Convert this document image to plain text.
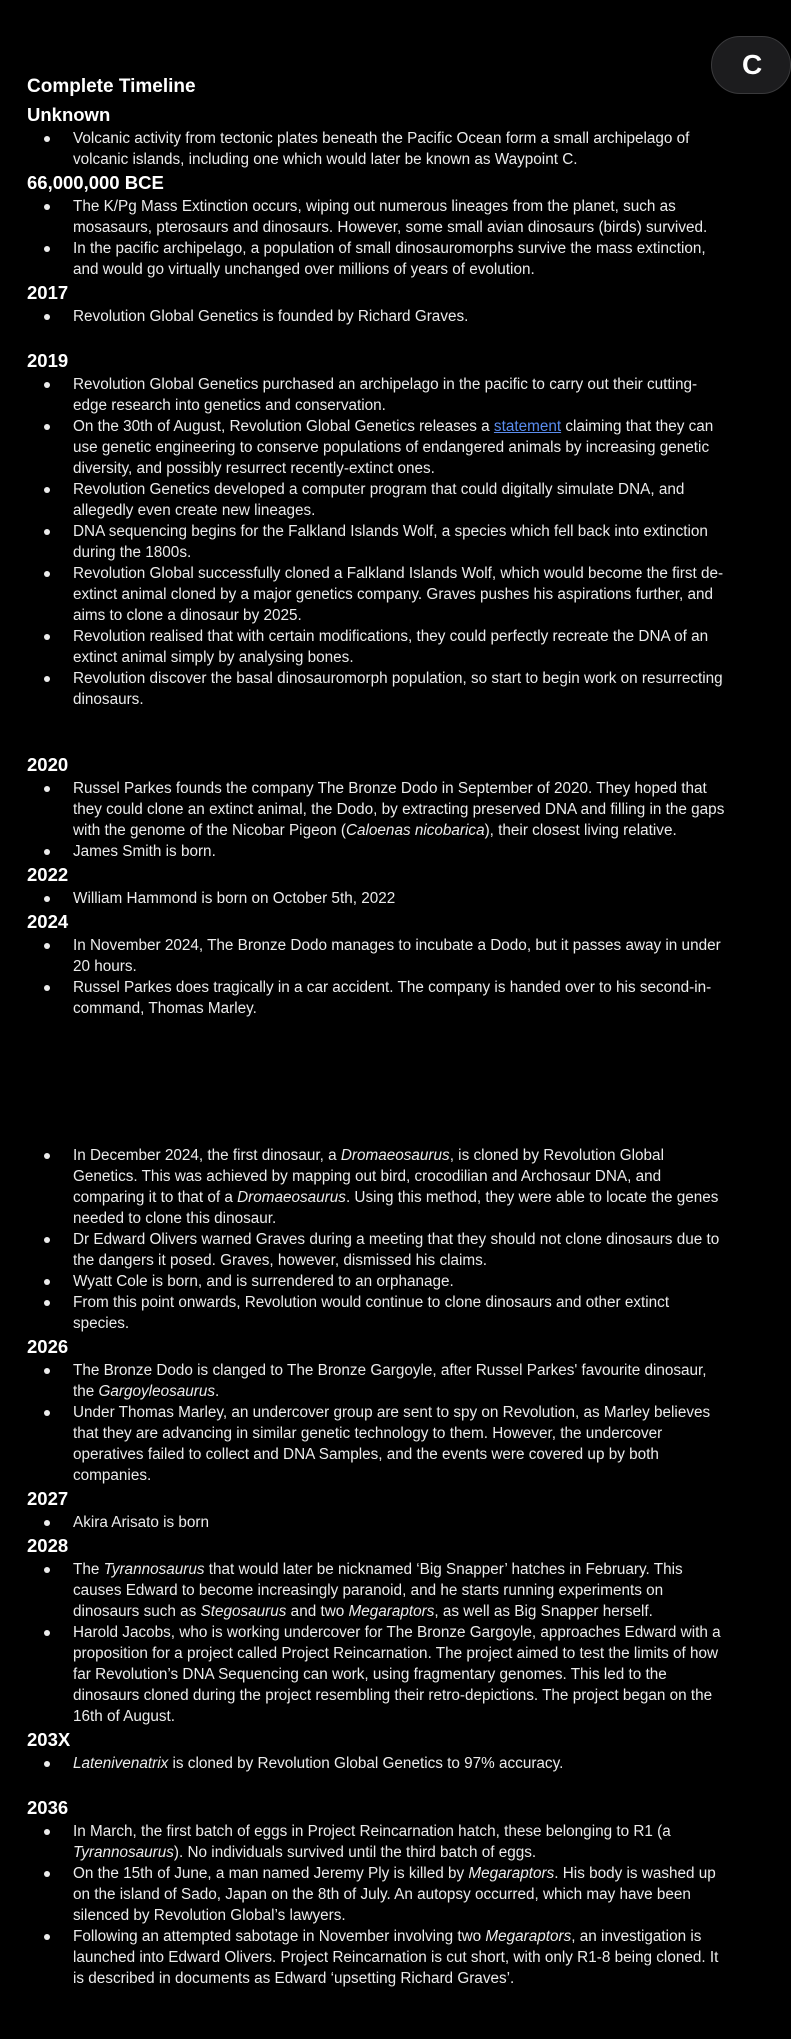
C
Complete Timeline
Unknown
Volcanic activity from tectonic plates beneath the Pacific Ocean form a small archipelago of volcanic islands, including one which would later be known as Waypoint C.
66,000,000 BCE
The K/Pg Mass Extinction occurs, wiping out numerous lineages from the planet, such as mosasaurs, pterosaurs and dinosaurs. However, some small avian dinosaurs (birds) survived.
In the pacific archipelago, a population of small dinosauromorphs survive the mass extinction, and would go virtually unchanged over millions of years of evolution.
2017
Revolution Global Genetics is founded by Richard Graves.
2019
Revolution Global Genetics purchased an archipelago in the pacific to carry out their cutting-edge research into genetics and conservation.
On the 30th of August, Revolution Global Genetics releases a statement claiming that they can use genetic engineering to conserve populations of endangered animals by increasing genetic diversity, and possibly resurrect recently-extinct ones.
Revolution Genetics developed a computer program that could digitally simulate DNA, and allegedly even create new lineages.
DNA sequencing begins for the Falkland Islands Wolf, a species which fell back into extinction during the 1800s.
Revolution Global successfully cloned a Falkland Islands Wolf, which would become the first de-extinct animal cloned by a major genetics company. Graves pushes his aspirations further, and aims to clone a dinosaur by 2025.
Revolution realised that with certain modifications, they could perfectly recreate the DNA of an extinct animal simply by analysing bones.
Revolution discover the basal dinosauromorph population, so start to begin work on resurrecting dinosaurs.
2020
Russel Parkes founds the company The Bronze Dodo in September of 2020. They hoped that they could clone an extinct animal, the Dodo, by extracting preserved DNA and filling in the gaps with the genome of the Nicobar Pigeon (Caloenas nicobarica), their closest living relative.
James Smith is born.
2022
William Hammond is born on October 5th, 2022
2024
In November 2024, The Bronze Dodo manages to incubate a Dodo, but it passes away in under 20 hours.
Russel Parkes does tragically in a car accident. The company is handed over to his second-in-command, Thomas Marley.
In December 2024, the first dinosaur, a Dromaeosaurus, is cloned by Revolution Global Genetics. This was achieved by mapping out bird, crocodilian and Archosaur DNA, and comparing it to that of a Dromaeosaurus. Using this method, they were able to locate the genes needed to clone this dinosaur.
Dr Edward Olivers warned Graves during a meeting that they should not clone dinosaurs due to the dangers it posed. Graves, however, dismissed his claims.
Wyatt Cole is born, and is surrendered to an orphanage.
From this point onwards, Revolution would continue to clone dinosaurs and other extinct species.
2026
The Bronze Dodo is clanged to The Bronze Gargoyle, after Russel Parkes' favourite dinosaur, the Gargoyleosaurus.
Under Thomas Marley, an undercover group are sent to spy on Revolution, as Marley believes that they are advancing in similar genetic technology to them. However, the undercover operatives failed to collect and DNA Samples, and the events were covered up by both companies.
2027
Akira Arisato is born
2028
The Tyrannosaurus that would later be nicknamed ‘Big Snapper’ hatches in February. This causes Edward to become increasingly paranoid, and he starts running experiments on dinosaurs such as Stegosaurus and two Megaraptors, as well as Big Snapper herself.
Harold Jacobs, who is working undercover for The Bronze Gargoyle, approaches Edward with a proposition for a project called Project Reincarnation. The project aimed to test the limits of how far Revolution’s DNA Sequencing can work, using fragmentary genomes. This led to the dinosaurs cloned during the project resembling their retro-depictions. The project began on the 16th of August.
203X
Latenivenatrix is cloned by Revolution Global Genetics to 97% accuracy.
2036
In March, the first batch of eggs in Project Reincarnation hatch, these belonging to R1 (a Tyrannosaurus). No individuals survived until the third batch of eggs.
On the 15th of June, a man named Jeremy Ply is killed by Megaraptors. His body is washed up on the island of Sado, Japan on the 8th of July. An autopsy occurred, which may have been silenced by Revolution Global’s lawyers.
Following an attempted sabotage in November involving two Megaraptors, an investigation is launched into Edward Olivers. Project Reincarnation is cut short, with only R1-8 being cloned. It is described in documents as Edward ‘upsetting Richard Graves’.
